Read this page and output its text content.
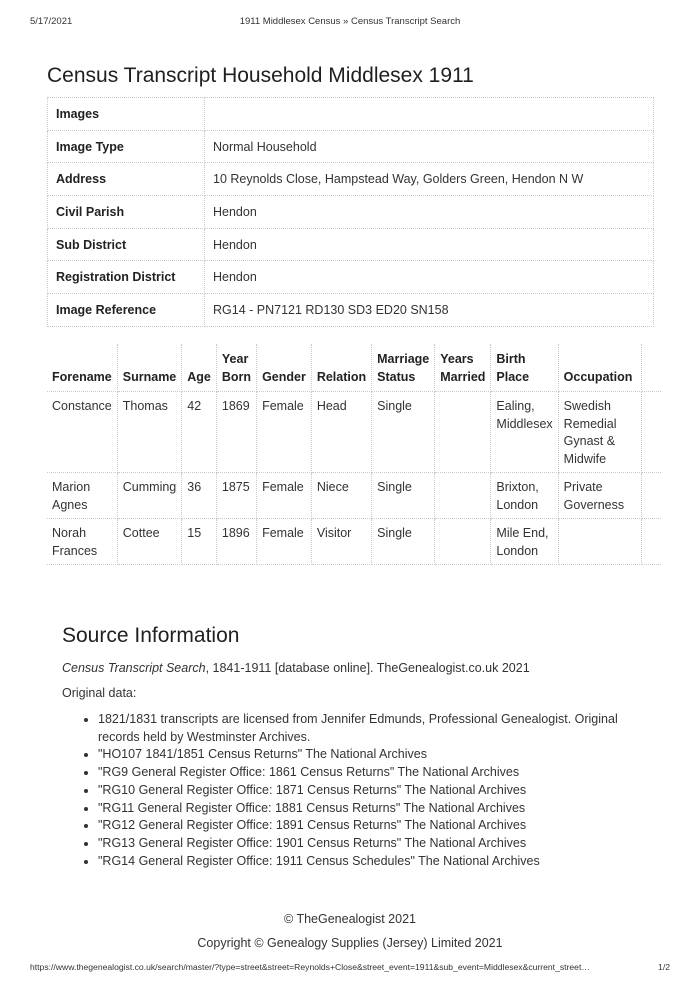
5/17/2021	1911 Middlesex Census » Census Transcript Search
Census Transcript Household Middlesex 1911
Images	
Image Type	Normal Household
Address	10 Reynolds Close, Hampstead Way, Golders Green, Hendon N W
Civil Parish	Hendon
Sub District	Hendon
Registration District	Hendon
Image Reference	RG14 - PN7121 RD130 SD3 ED20 SN158
Forename	Surname	Age	Year Born	Gender	Relation	Marriage Status	Years Married	Birth Place	Occupation	
Constance	Thomas	42	1869	Female	Head	Single		Ealing, Middlesex	Swedish Remedial Gynast & Midwife	
Marion Agnes	Cumming	36	1875	Female	Niece	Single		Brixton, London	Private Governess	
Norah Frances	Cottee	15	1896	Female	Visitor	Single		Mile End, London		
Source Information

Census Transcript Search, 1841-1911 [database online]. TheGenealogist.co.uk 2021

Original data:

• 1821/1831 transcripts are licensed from Jennifer Edmunds, Professional Genealogist. Original records held by Westminster Archives.
• "HO107 1841/1851 Census Returns" The National Archives
• "RG9 General Register Office: 1861 Census Returns" The National Archives
• "RG10 General Register Office: 1871 Census Returns" The National Archives
• "RG11 General Register Office: 1881 Census Returns" The National Archives
• "RG12 General Register Office: 1891 Census Returns" The National Archives
• "RG13 General Register Office: 1901 Census Returns" The National Archives
• "RG14 General Register Office: 1911 Census Schedules" The National Archives
© TheGenealogist 2021
Copyright © Genealogy Supplies (Jersey) Limited 2021
https://www.thegenealogist.co.uk/search/master/?type=street&street=Reynolds+Close&street_event=1911&sub_event=Middlesex&current_street…	1/2
